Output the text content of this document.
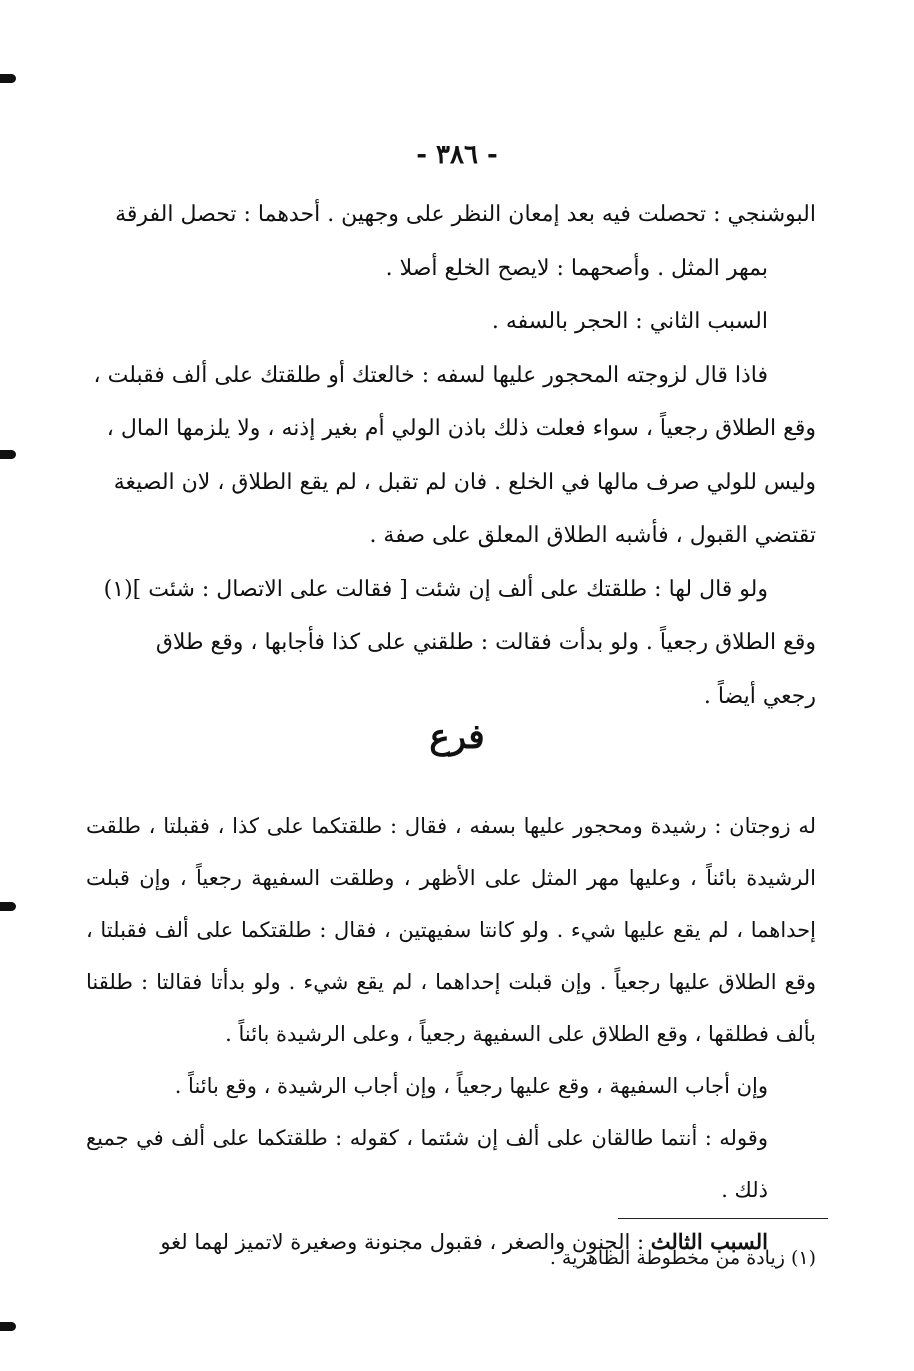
- ٣٨٦ -

البوشنجي : تحصلت فيه بعد إمعان النظر على وجهين . أحدهما : تحصل الفرقة
بمهر المثل . وأصحهما : لايصح الخلع أصلا .

السبب الثاني : الحجر بالسفه .

فاذا قال لزوجته المحجور عليها لسفه : خالعتك أو طلقتك على ألف فقبلت ،
وقع الطلاق رجعياً ، سواء فعلت ذلك باذن الولي أم بغير إذنه ، ولا يلزمها المال ،
وليس للولي صرف مالها في الخلع . فان لم تقبل ، لم يقع الطلاق ، لان الصيغة
تقتضي القبول ، فأشبه الطلاق المعلق على صفة .

ولو قال لها : طلقتك على ألف إن شئت [ فقالت على الاتصال : شئت ](١)
وقع الطلاق رجعياً . ولو بدأت فقالت : طلقني على كذا فأجابها ، وقع طلاق
رجعي أيضاً .

فرع

له زوجتان : رشيدة ومحجور عليها بسفه ، فقال : طلقتكما على كذا ، فقبلتا ، طلقت الرشيدة بائناً ، وعليها مهر المثل على الأظهر ، وطلقت السفيهة رجعياً ، وإن قبلت إحداهما ، لم يقع عليها شيء . ولو كانتا سفيهتين ، فقال : طلقتكما على ألف فقبلتا ، وقع الطلاق عليها رجعياً . وإن قبلت إحداهما ، لم يقع شيء . ولو بدأتا فقالتا : طلقنا بألف فطلقها ، وقع الطلاق على السفيهة رجعياً ، وعلى الرشيدة بائناً .

وإن أجاب السفيهة ، وقع عليها رجعياً ، وإن أجاب الرشيدة ، وقع بائناً .

وقوله : أنتما طالقان على ألف إن شئتما ، كقوله : طلقتكما على ألف في جميع ذلك .

السبب الثالث : الجنون والصغر ، فقبول مجنونة وصغيرة لاتميز لهما لغو

(١) زيادة من مخطوطة الظاهرية .
